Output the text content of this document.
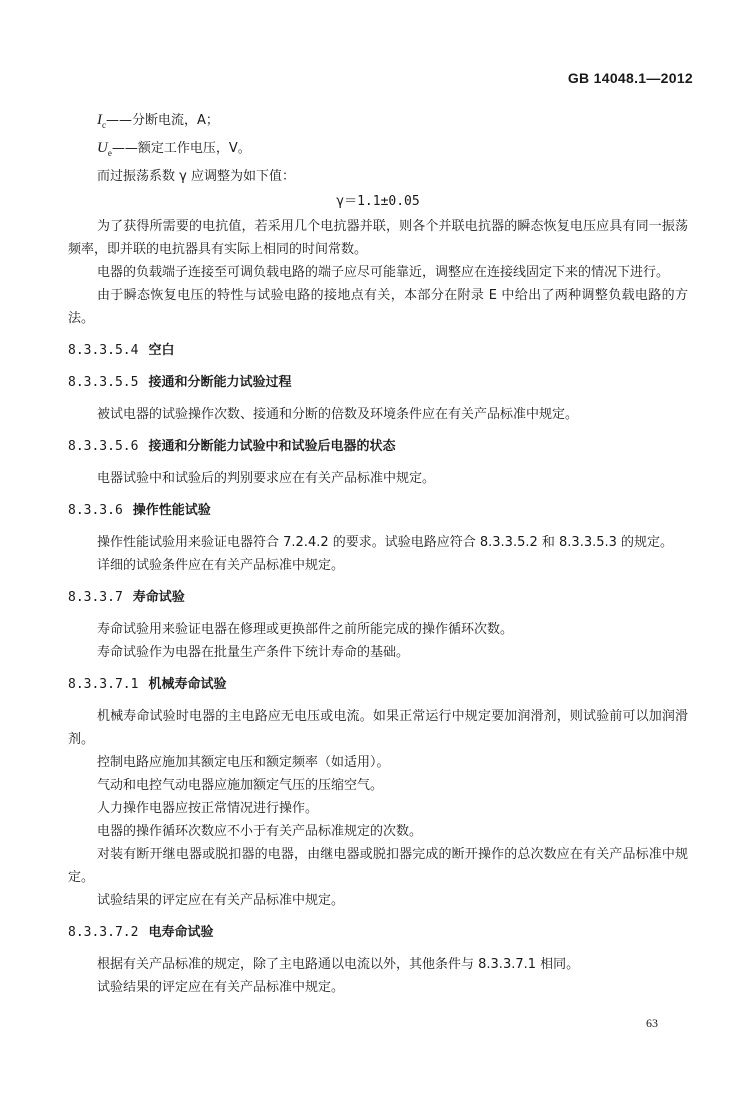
GB 14048.1—2012
$I_c——$分断电流，A；
$U_e——$额定工作电压，V。
而过振荡系数 γ 应调整为如下值：
γ＝1.1±0.05
为了获得所需要的电抗值，若采用几个电抗器并联，则各个并联电抗器的瞬态恢复电压应具有同一振荡频率，即并联的电抗器具有实际上相同的时间常数。
电器的负载端子连接至可调负载电路的端子应尽可能靠近，调整应在连接线固定下来的情况下进行。
由于瞬态恢复电压的特性与试验电路的接地点有关，本部分在附录 E 中给出了两种调整负载电路的方法。
8.3.3.5.4 空白
8.3.3.5.5 接通和分断能力试验过程
被试电器的试验操作次数、接通和分断的倍数及环境条件应在有关产品标准中规定。
8.3.3.5.6 接通和分断能力试验中和试验后电器的状态
电器试验中和试验后的判别要求应在有关产品标准中规定。
8.3.3.6 操作性能试验
操作性能试验用来验证电器符合 7.2.4.2 的要求。试验电路应符合 8.3.3.5.2 和 8.3.3.5.3 的规定。
详细的试验条件应在有关产品标准中规定。
8.3.3.7 寿命试验
寿命试验用来验证电器在修理或更换部件之前所能完成的操作循环次数。
寿命试验作为电器在批量生产条件下统计寿命的基础。
8.3.3.7.1 机械寿命试验
机械寿命试验时电器的主电路应无电压或电流。如果正常运行中规定要加润滑剂，则试验前可以加润滑剂。
控制电路应施加其额定电压和额定频率（如适用）。
气动和电控气动电器应施加额定气压的压缩空气。
人力操作电器应按正常情况进行操作。
电器的操作循环次数应不小于有关产品标准规定的次数。
对装有断开继电器或脱扣器的电器，由继电器或脱扣器完成的断开操作的总次数应在有关产品标准中规定。
试验结果的评定应在有关产品标准中规定。
8.3.3.7.2 电寿命试验
根据有关产品标准的规定，除了主电路通以电流以外，其他条件与 8.3.3.7.1 相同。
试验结果的评定应在有关产品标准中规定。
63
